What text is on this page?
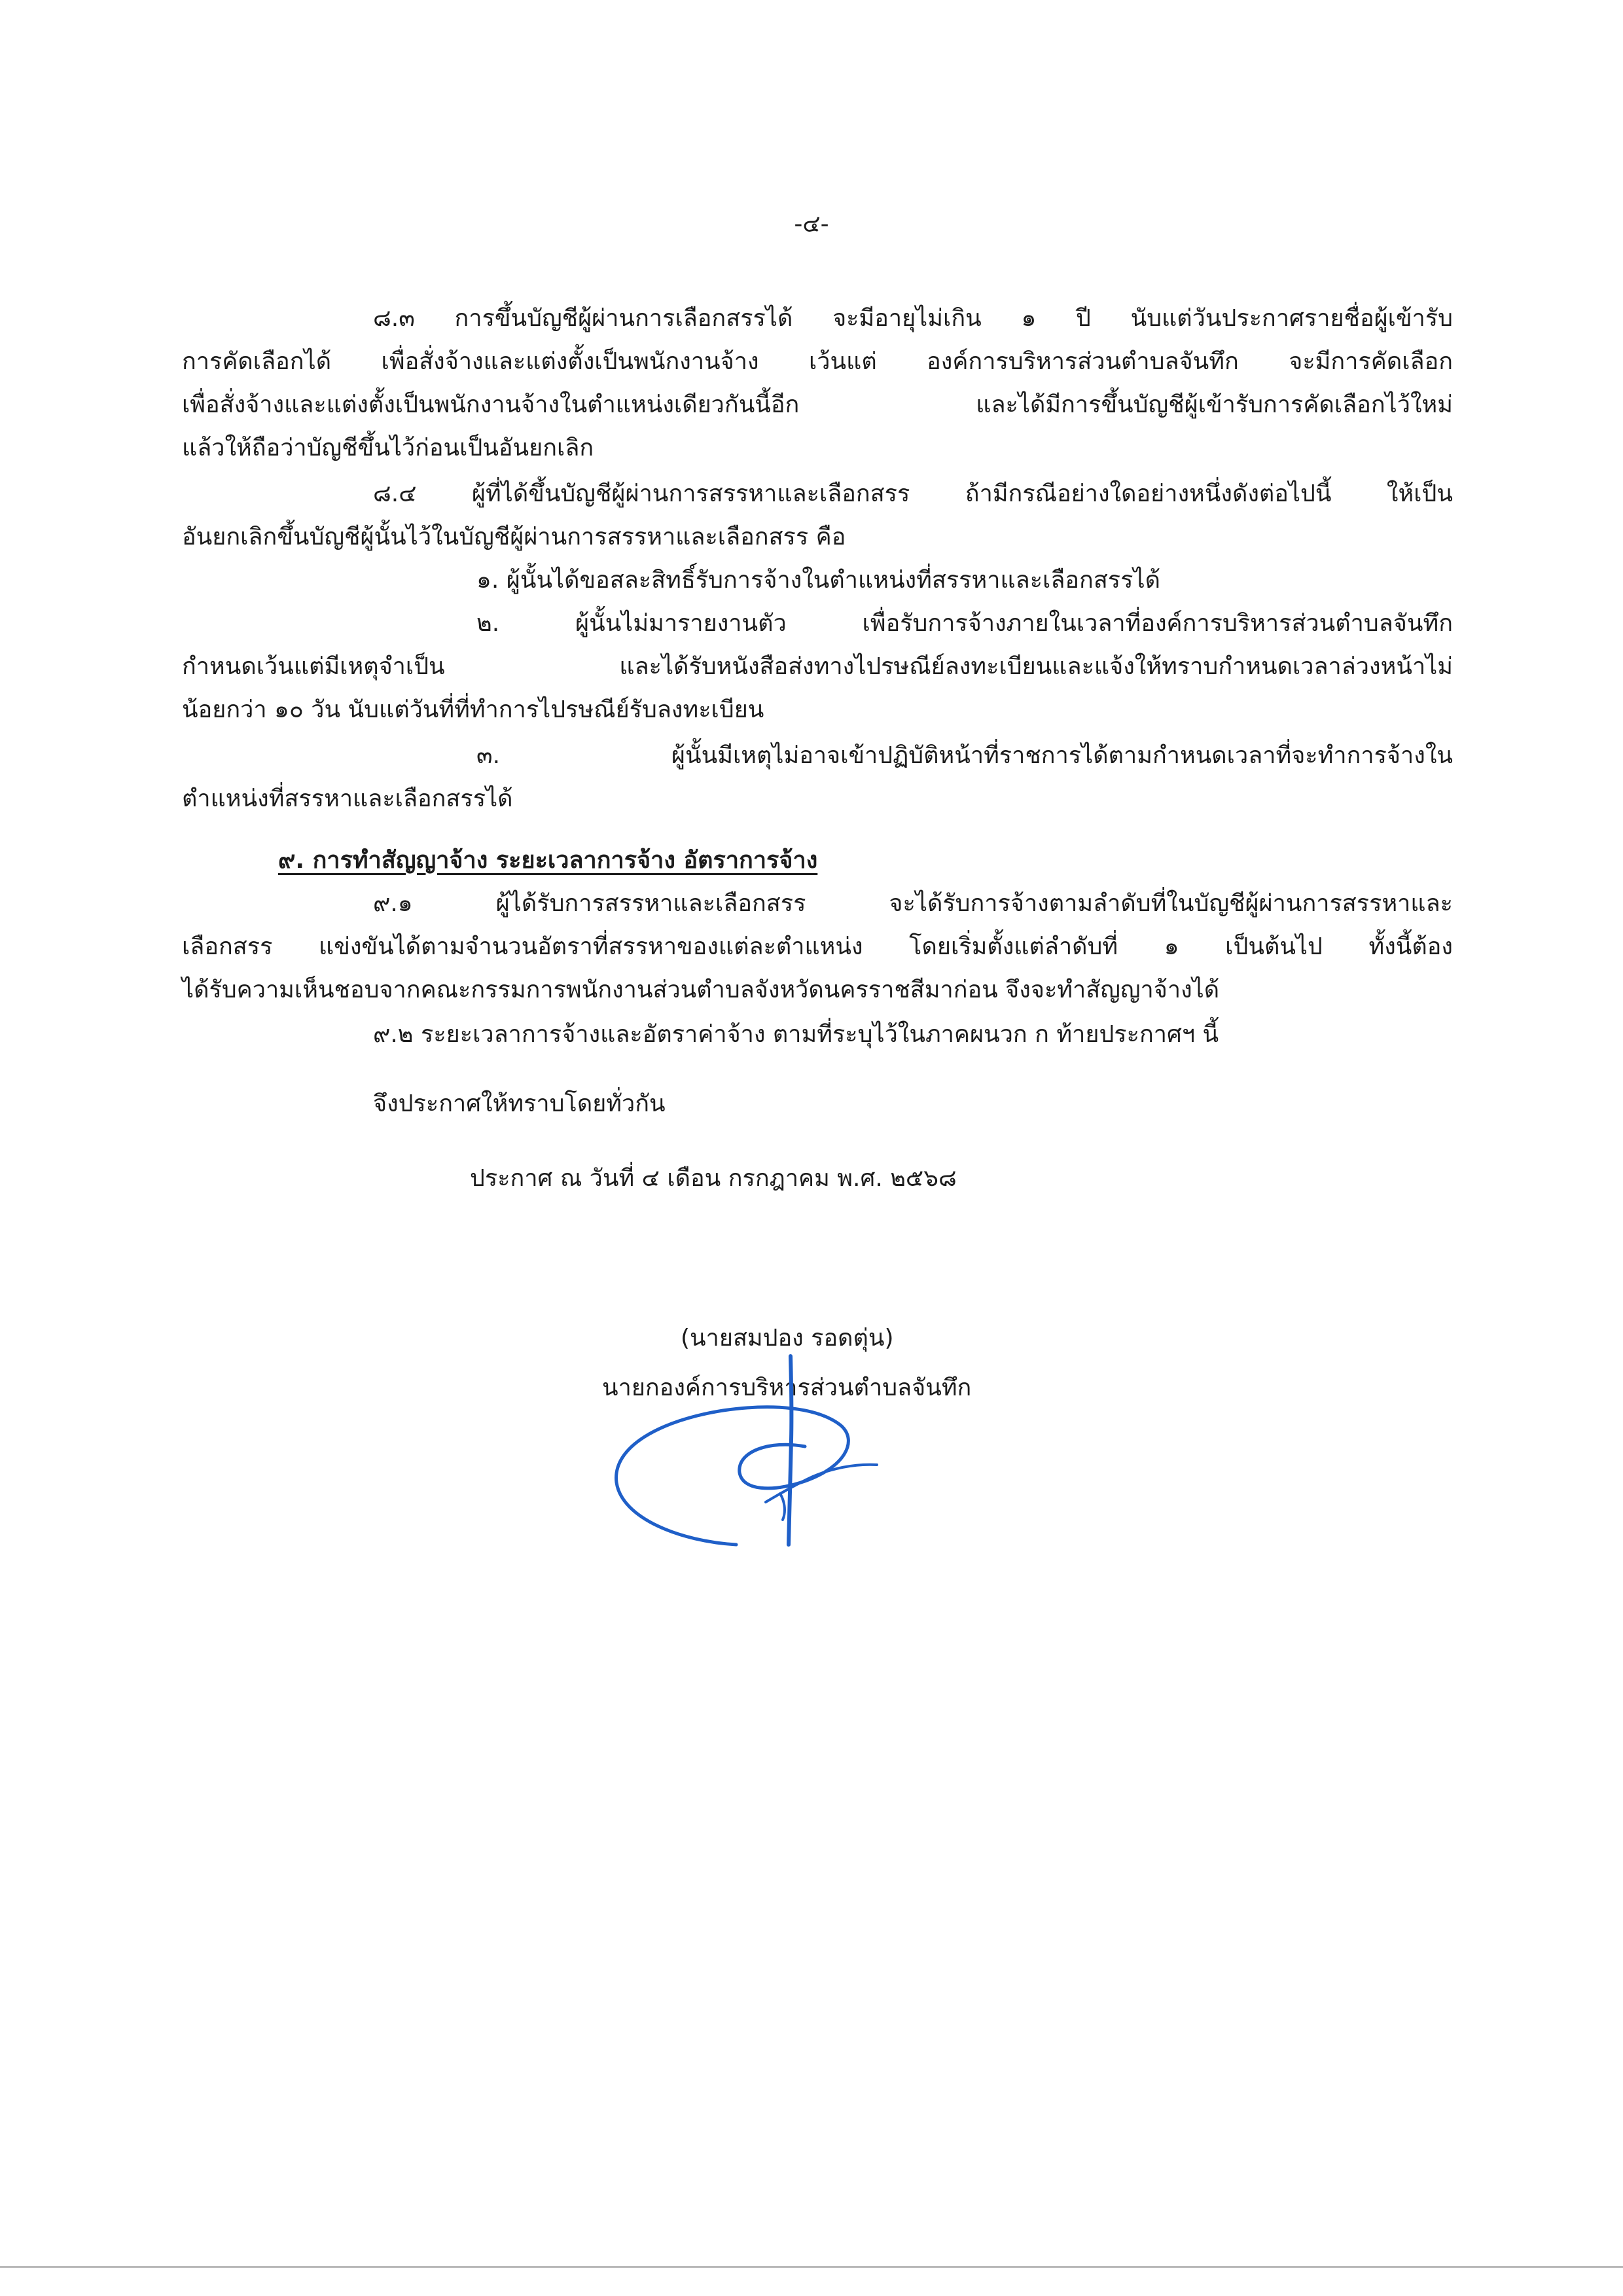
-๔-
๘.๓ การขึ้นบัญชีผู้ผ่านการเลือกสรรได้ จะมีอายุไม่เกิน ๑ ปี นับแต่วันประกาศรายชื่อผู้เข้ารับ
การคัดเลือกได้ เพื่อสั่งจ้างและแต่งตั้งเป็นพนักงานจ้าง เว้นแต่ องค์การบริหารส่วนตำบลจันทึก จะมีการคัดเลือก
เพื่อสั่งจ้างและแต่งตั้งเป็นพนักงานจ้างในตำแหน่งเดียวกันนี้อีก และได้มีการขึ้นบัญชีผู้เข้ารับการคัดเลือกไว้ใหม่
แล้วให้ถือว่าบัญชีขึ้นไว้ก่อนเป็นอันยกเลิก
๘.๔ ผู้ที่ได้ขึ้นบัญชีผู้ผ่านการสรรหาและเลือกสรร ถ้ามีกรณีอย่างใดอย่างหนึ่งดังต่อไปนี้ ให้เป็น
อันยกเลิกขึ้นบัญชีผู้นั้นไว้ในบัญชีผู้ผ่านการสรรหาและเลือกสรร คือ
๑. ผู้นั้นได้ขอสละสิทธิ์รับการจ้างในตำแหน่งที่สรรหาและเลือกสรรได้
๒. ผู้นั้นไม่มารายงานตัว เพื่อรับการจ้างภายในเวลาที่องค์การบริหารส่วนตำบลจันทึก
กำหนดเว้นแต่มีเหตุจำเป็น และได้รับหนังสือส่งทางไปรษณีย์ลงทะเบียนและแจ้งให้ทราบกำหนดเวลาล่วงหน้าไม่
น้อยกว่า ๑๐ วัน นับแต่วันที่ที่ทำการไปรษณีย์รับลงทะเบียน
๓. ผู้นั้นมีเหตุไม่อาจเข้าปฏิบัติหน้าที่ราชการได้ตามกำหนดเวลาที่จะทำการจ้างใน
ตำแหน่งที่สรรหาและเลือกสรรได้
๙. การทำสัญญาจ้าง ระยะเวลาการจ้าง อัตราการจ้าง
๙.๑ ผู้ได้รับการสรรหาและเลือกสรร จะได้รับการจ้างตามลำดับที่ในบัญชีผู้ผ่านการสรรหาและ
เลือกสรร แข่งขันได้ตามจำนวนอัตราที่สรรหาของแต่ละตำแหน่ง โดยเริ่มตั้งแต่ลำดับที่ ๑ เป็นต้นไป ทั้งนี้ต้อง
ได้รับความเห็นชอบจากคณะกรรมการพนักงานส่วนตำบลจังหวัดนครราชสีมาก่อน จึงจะทำสัญญาจ้างได้
๙.๒ ระยะเวลาการจ้างและอัตราค่าจ้าง ตามที่ระบุไว้ในภาคผนวก ก ท้ายประกาศฯ นี้
จึงประกาศให้ทราบโดยทั่วกัน
ประกาศ ณ วันที่ ๔ เดือน กรกฎาคม พ.ศ. ๒๕๖๘
(นายสมปอง รอดตุ่น)
นายกองค์การบริหารส่วนตำบลจันทึก
